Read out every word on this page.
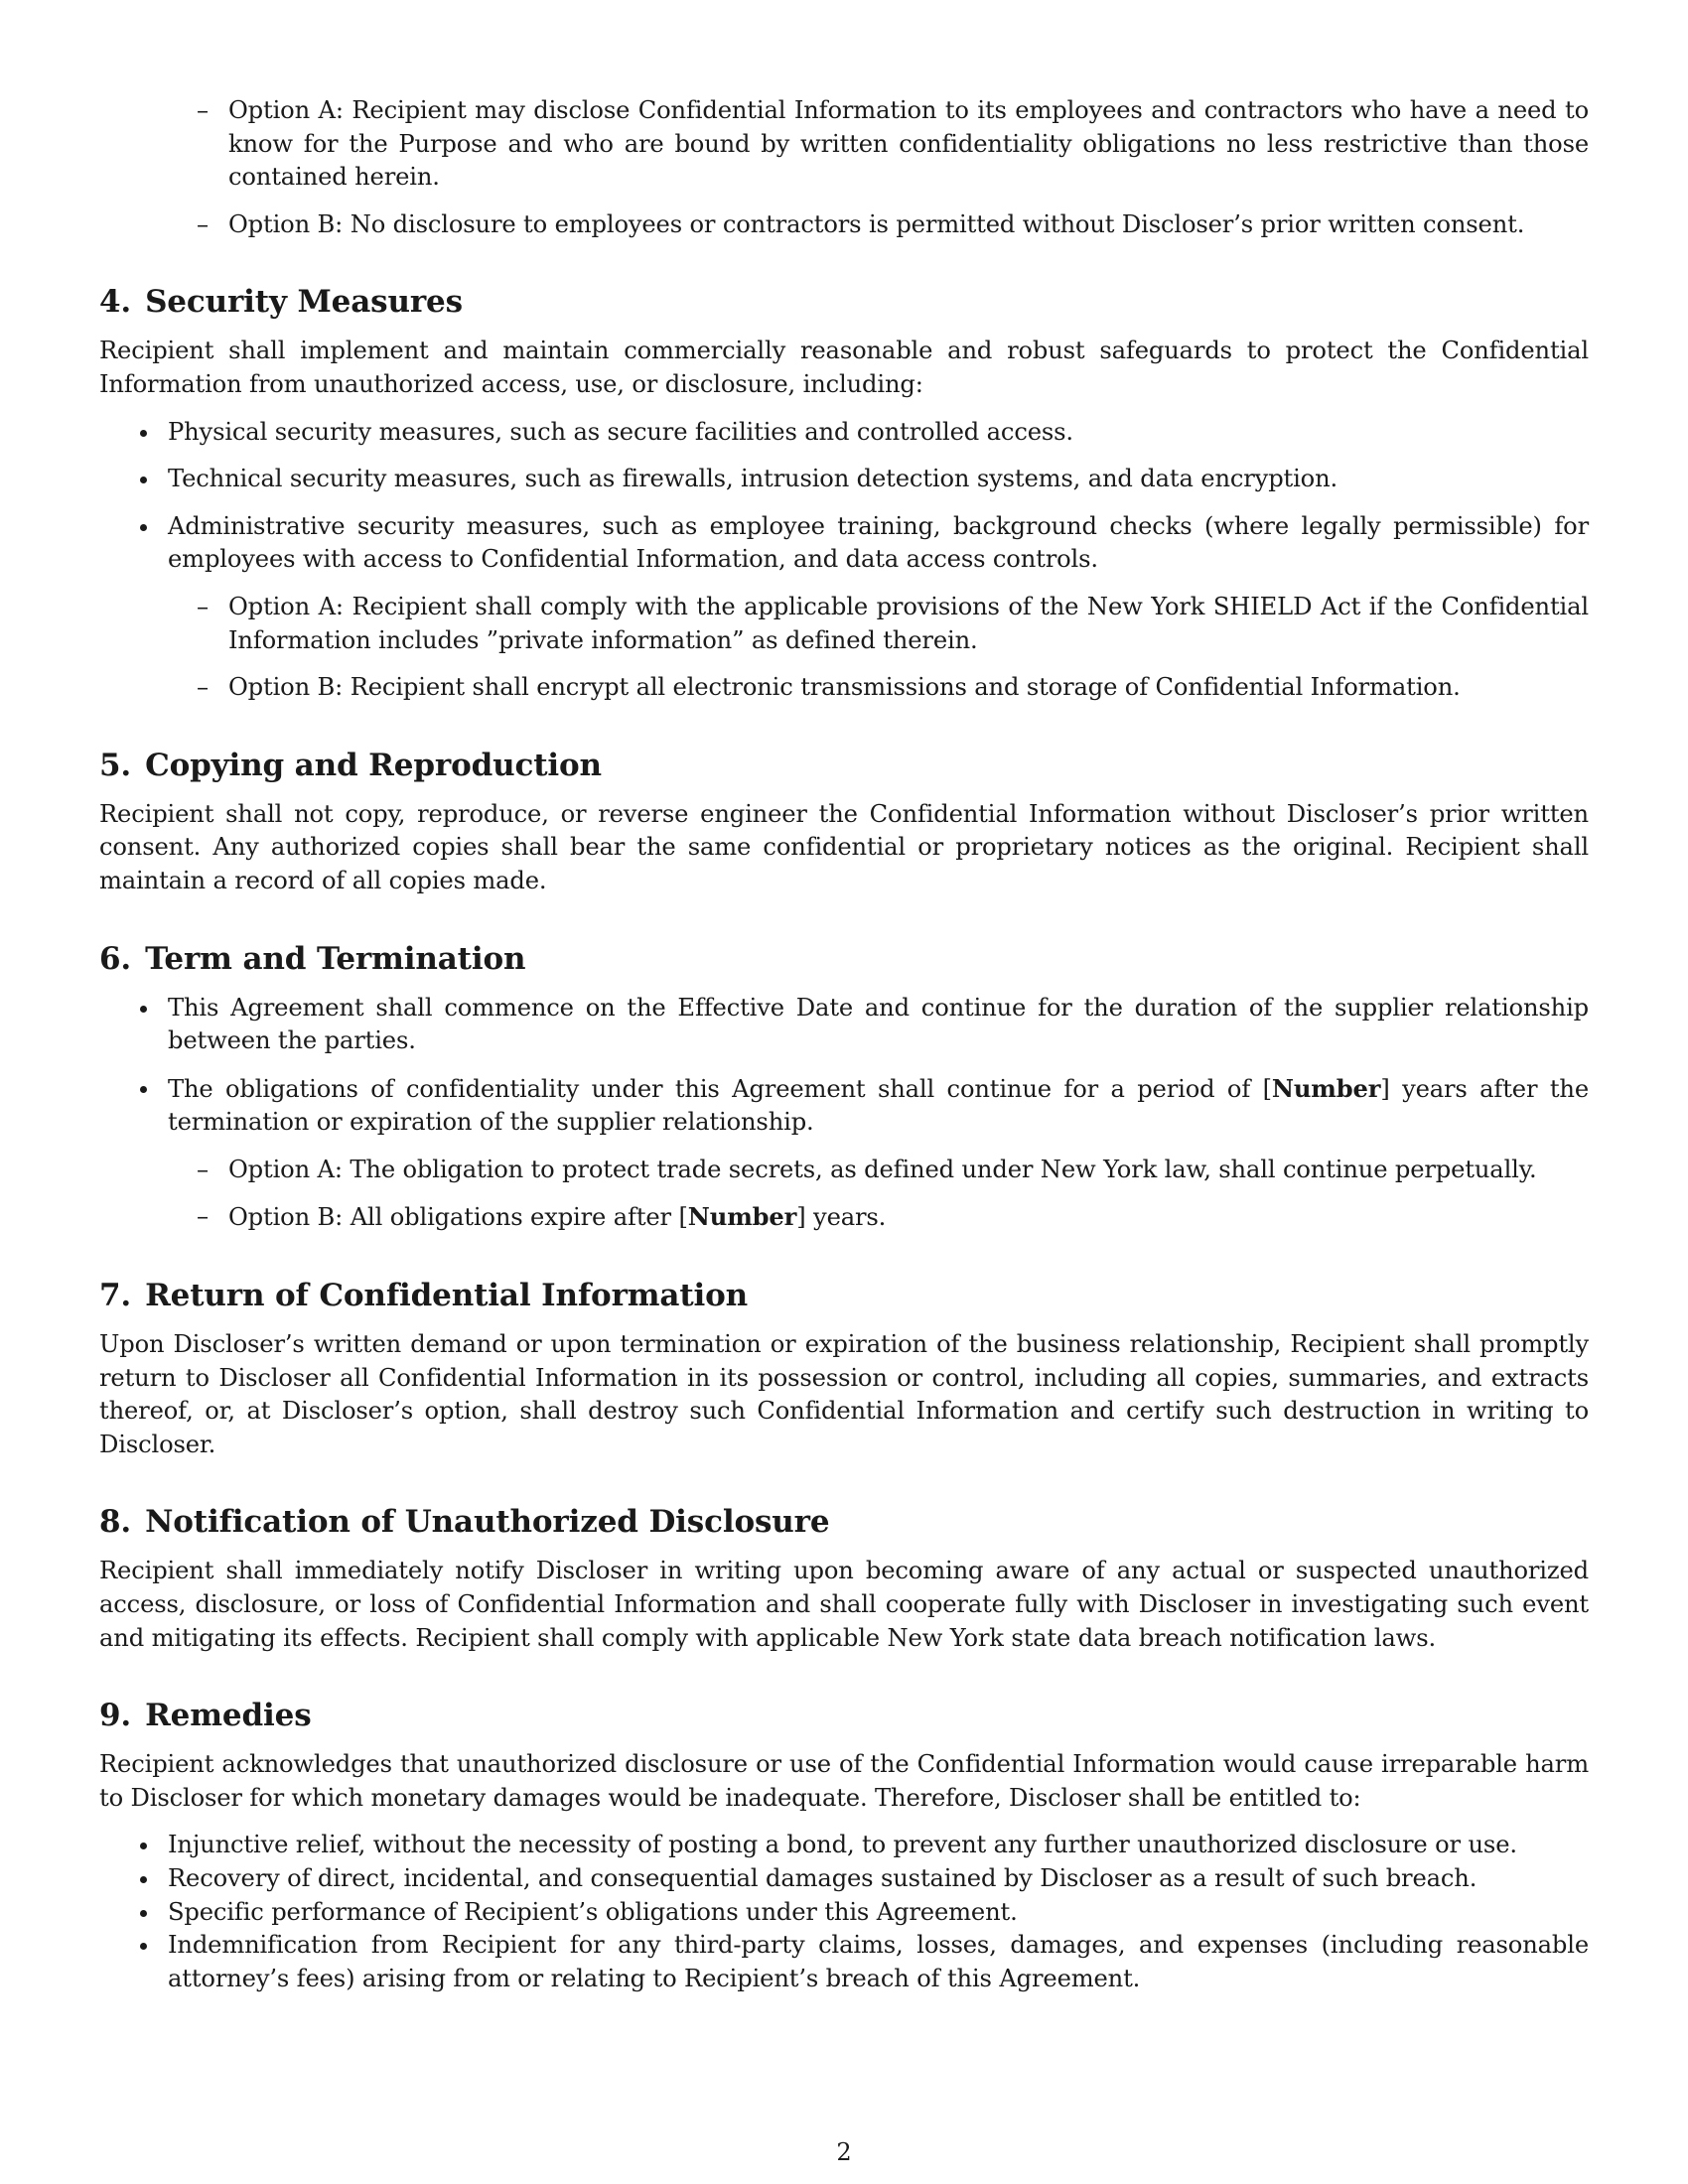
– Option A: Recipient may disclose Confidential Information to its employees and contractors who have a need to know for the Purpose and who are bound by written confidentiality obligations no less restrictive than those contained herein.
– Option B: No disclosure to employees or contractors is permitted without Discloser’s prior written consent.
4. Security Measures

Recipient shall implement and maintain commercially reasonable and robust safeguards to protect the Confidential Information from unauthorized access, use, or disclosure, including:

Physical security measures, such as secure facilities and controlled access.
Technical security measures, such as firewalls, intrusion detection systems, and data encryption.
Administrative security measures, such as employee training, background checks (where legally permissible) for employees with access to Confidential Information, and data access controls.
– Option A: Recipient shall comply with the applicable provisions of the New York SHIELD Act if the Confidential Information includes ”private information” as defined therein.
– Option B: Recipient shall encrypt all electronic transmissions and storage of Confidential Information.
5. Copying and Reproduction

Recipient shall not copy, reproduce, or reverse engineer the Confidential Information without Discloser’s prior written consent. Any authorized copies shall bear the same confidential or proprietary notices as the original. Recipient shall maintain a record of all copies made.

6. Term and Termination
This Agreement shall commence on the Effective Date and continue for the duration of the supplier relationship between the parties.
The obligations of confidentiality under this Agreement shall continue for a period of [Number] years after the termination or expiration of the supplier relationship.
– Option A: The obligation to protect trade secrets, as defined under New York law, shall continue perpetually.
– Option B: All obligations expire after [Number] years.
7. Return of Confidential Information

Upon Discloser’s written demand or upon termination or expiration of the business relationship, Recipient shall promptly return to Discloser all Confidential Information in its possession or control, including all copies, summaries, and extracts thereof, or, at Discloser’s option, shall destroy such Confidential Information and certify such destruction in writing to Discloser.

8. Notification of Unauthorized Disclosure

Recipient shall immediately notify Discloser in writing upon becoming aware of any actual or suspected unauthorized access, disclosure, or loss of Confidential Information and shall cooperate fully with Discloser in investigating such event and mitigating its effects. Recipient shall comply with applicable New York state data breach notification laws.

9. Remedies

Recipient acknowledges that unauthorized disclosure or use of the Confidential Information would cause irreparable harm to Discloser for which monetary damages would be inadequate. Therefore, Discloser shall be entitled to:

Injunctive relief, without the necessity of posting a bond, to prevent any further unauthorized disclosure or use.
Recovery of direct, incidental, and consequential damages sustained by Discloser as a result of such breach.
Specific performance of Recipient’s obligations under this Agreement.
Indemnification from Recipient for any third-party claims, losses, damages, and expenses (including reasonable attorney’s fees) arising from or relating to Recipient’s breach of this Agreement.
2
